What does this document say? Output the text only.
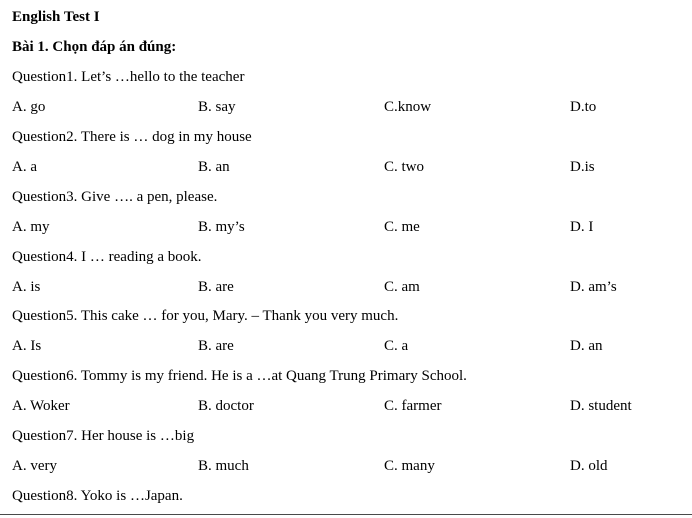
English Test I
Bài 1. Chọn đáp án đúng:
Question1. Let’s …hello to the teacher
A. go	B. say	C.know	D.to
Question2. There is … dog in my house
A. a	B. an	C. two	D.is
Question3. Give …. a pen, please.
A. my	B. my’s	C. me	D. I
Question4. I … reading a book.
A. is	B. are	C. am	D. am’s
Question5. This cake … for you, Mary. – Thank you very much.
A. Is	B. are	C. a	D. an
Question6. Tommy is my friend. He is a …at Quang Trung Primary School.
A. Woker	B. doctor	C. farmer	D. student
Question7. Her house is …big
A. very	B. much	C. many	D. old
Question8. Yoko is …Japan.
